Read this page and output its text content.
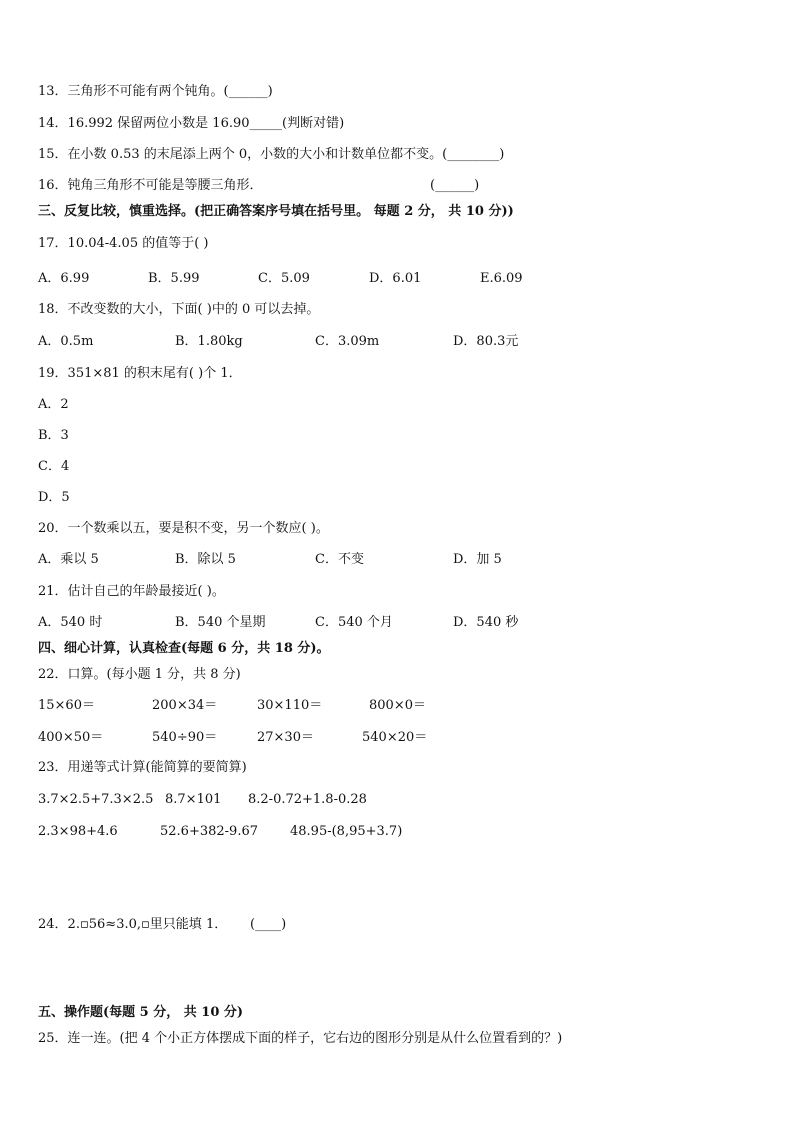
13．三角形不可能有两个钝角。(______)
14．16.992 保留两位小数是 16.90_____(判断对错)
15．在小数 0.53 的末尾添上两个 0，小数的大小和计数单位都不变。(________)
16．钝角三角形不可能是等腰三角形．	(______)
三、反复比较，慎重选择。(把正确答案序号填在括号里。 每题 2 分， 共 10 分))
17．10.04-4.05 的值等于( )
A．6.99	B．5.99	C．5.09	D．6.01	E.6.09
18．不改变数的大小，下面( )中的 0 可以去掉。
A．0.5m	B．1.80kg	C．3.09m	D．80.3元
19．351×81 的积末尾有( )个 1．
A．2
B．3
C．4
D．5
20．一个数乘以五，要是积不变，另一个数应( )。
A．乘以 5	B．除以 5	C．不变	D．加 5
21．估计自己的年龄最接近( )。
A．540 时	B．540 个星期	C．540 个月	D．540 秒
四、细心计算，认真检查(每题 6 分，共 18 分)。
22．口算。(每小题 1 分，共 8 分)
15×60＝	200×34＝	30×110＝	800×0＝
400×50＝	540÷90＝	27×30＝	540×20＝
23．用递等式计算(能简算的要简算)
3.7×2.5+7.3×2.5 8.7×101 8.2-0.72+1.8-0.28
2.3×98+4.6	52.6+382-9.67 48.95-(8,95+3.7)
24．2.▫56≈3.0,▫里只能填 1． (____)
五、操作题(每题 5 分， 共 10 分)
25．连一连。(把 4 个小正方体摆成下面的样子，它右边的图形分别是从什么位置看到的？)
